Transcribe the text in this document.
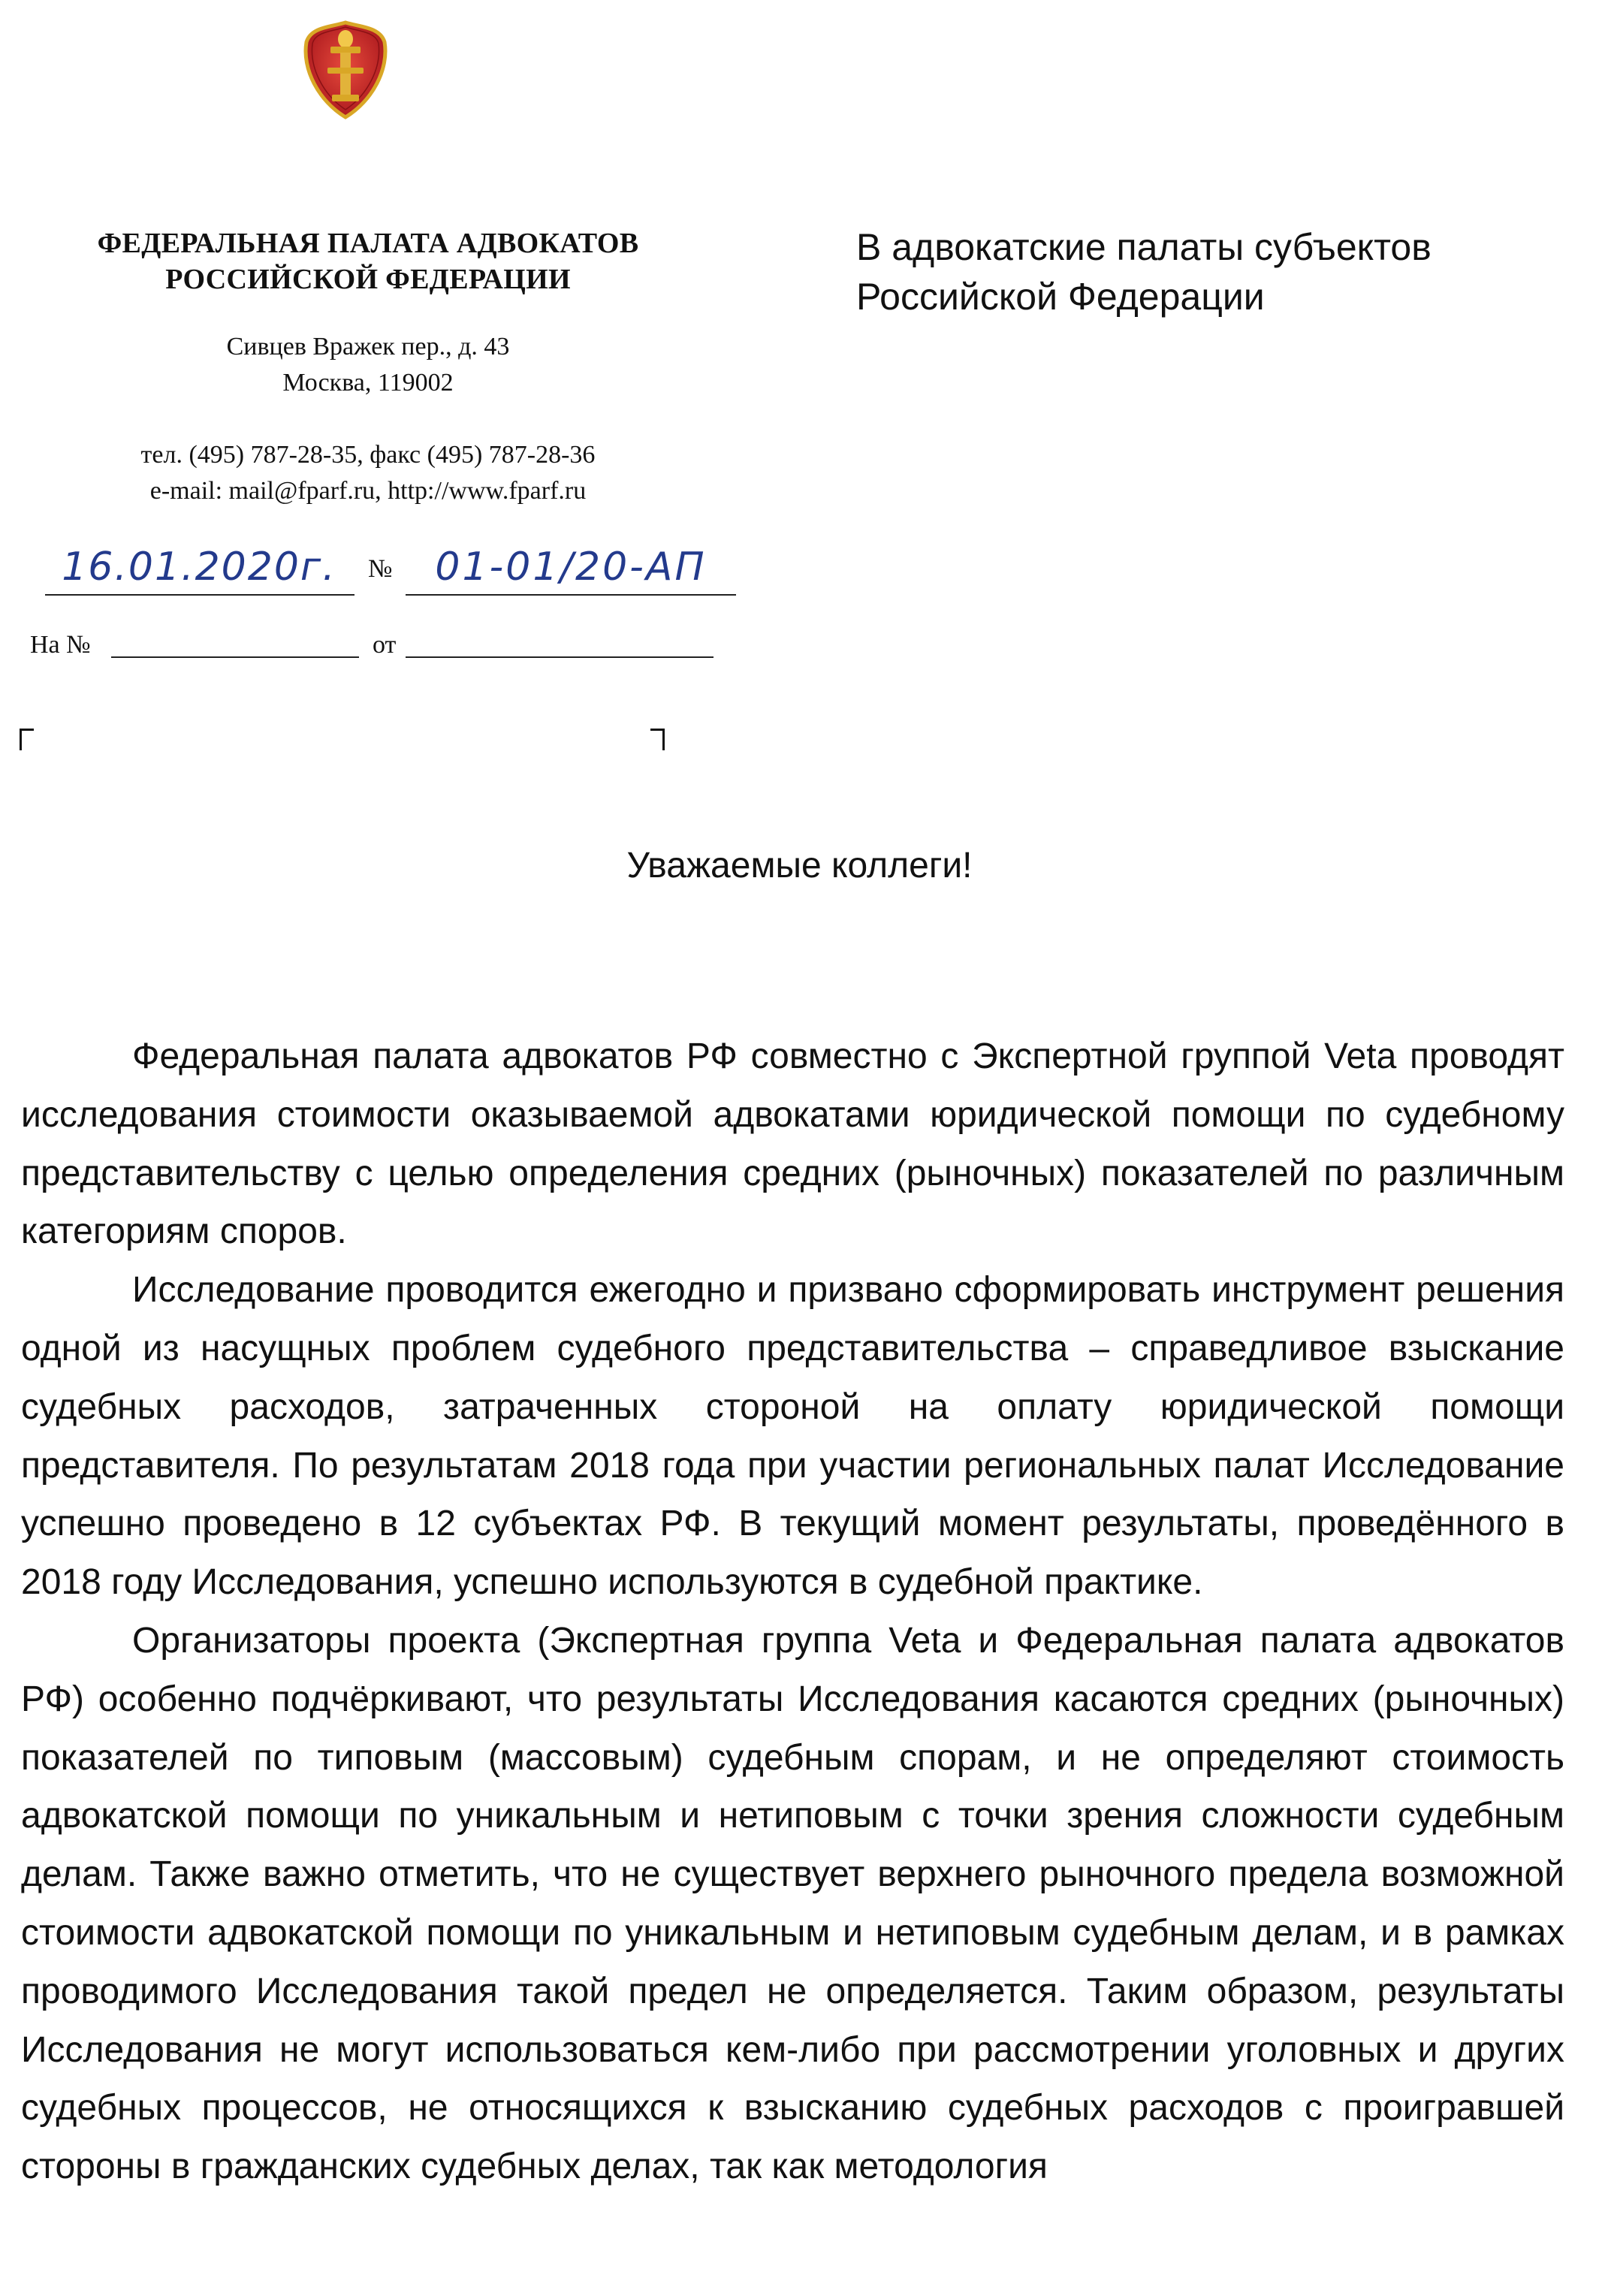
ФЕДЕРАЛЬНАЯ ПАЛАТА АДВОКАТОВ
РОССИЙСКОЙ ФЕДЕРАЦИИ
Сивцев Вражек пер., д. 43
Москва, 119002
тел. (495) 787-28-35, факс (495) 787-28-36
e-mail: mail@fparf.ru, http://www.fparf.ru
16.01.2020г.	№	01-01/20-АП
На №	от
В адвокатские палаты субъектов
Российской Федерации
Уважаемые коллеги!

Федеральная палата адвокатов РФ совместно с Экспертной группой Veta проводят исследования стоимости оказываемой адвокатами юридической помощи по судебному представительству с целью определения средних (рыночных) показателей по различным категориям споров.

Исследование проводится ежегодно и призвано сформировать инструмент решения одной из насущных проблем судебного представительства – справедливое взыскание судебных расходов, затраченных стороной на оплату юридической помощи представителя. По результатам 2018 года при участии региональных палат Исследование успешно проведено в 12 субъектах РФ. В текущий момент результаты, проведённого в 2018 году Исследования, успешно используются в судебной практике.

Организаторы проекта (Экспертная группа Veta и Федеральная палата адвокатов РФ) особенно подчёркивают, что результаты Исследования касаются средних (рыночных) показателей по типовым (массовым) судебным спорам, и не определяют стоимость адвокатской помощи по уникальным и нетиповым с точки зрения сложности судебным делам. Также важно отметить, что не существует верхнего рыночного предела возможной стоимости адвокатской помощи по уникальным и нетиповым судебным делам, и в рамках проводимого Исследования такой предел не определяется. Таким образом, результаты Исследования не могут использоваться кем-либо при рассмотрении уголовных и других судебных процессов, не относящихся к взысканию судебных расходов с проигравшей стороны в гражданских судебных делах, так как методология
